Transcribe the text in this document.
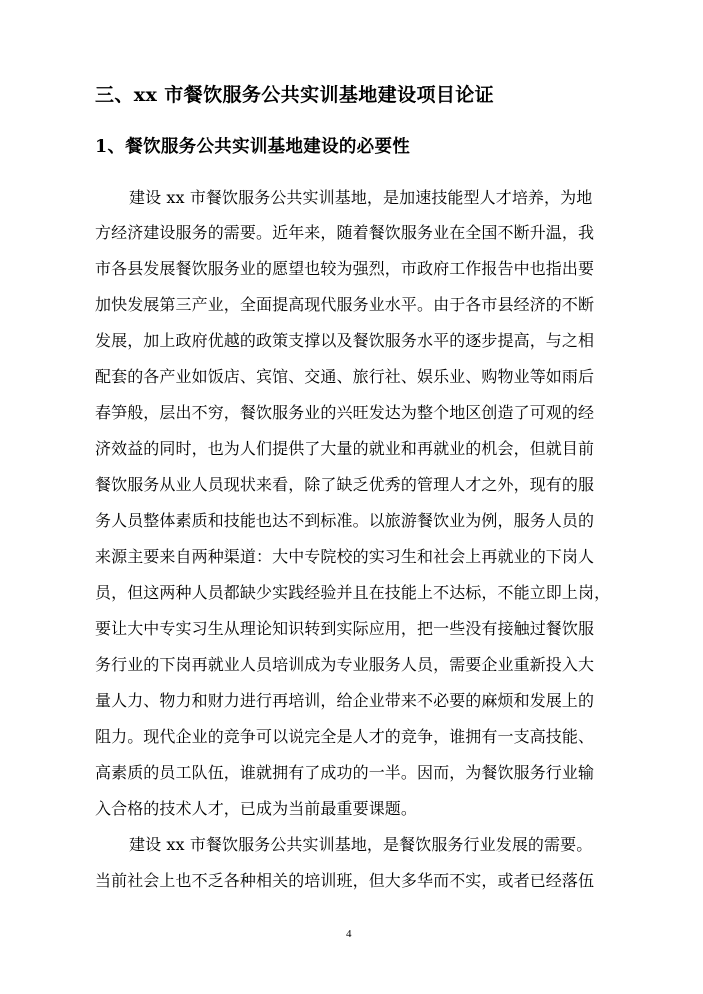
三、xx 市餐饮服务公共实训基地建设项目论证
1、餐饮服务公共实训基地建设的必要性
建设 xx 市餐饮服务公共实训基地，是加速技能型人才培养，为地
方经济建设服务的需要。近年来，随着餐饮服务业在全国不断升温，我
市各县发展餐饮服务业的愿望也较为强烈，市政府工作报告中也指出要
加快发展第三产业，全面提高现代服务业水平。由于各市县经济的不断
发展，加上政府优越的政策支撑以及餐饮服务水平的逐步提高，与之相
配套的各产业如饭店、宾馆、交通、旅行社、娱乐业、购物业等如雨后
春笋般，层出不穷，餐饮服务业的兴旺发达为整个地区创造了可观的经
济效益的同时，也为人们提供了大量的就业和再就业的机会，但就目前
餐饮服务从业人员现状来看，除了缺乏优秀的管理人才之外，现有的服
务人员整体素质和技能也达不到标准。以旅游餐饮业为例，服务人员的
来源主要来自两种渠道：大中专院校的实习生和社会上再就业的下岗人
员，但这两种人员都缺少实践经验并且在技能上不达标，不能立即上岗，
要让大中专实习生从理论知识转到实际应用，把一些没有接触过餐饮服
务行业的下岗再就业人员培训成为专业服务人员，需要企业重新投入大
量人力、物力和财力进行再培训，给企业带来不必要的麻烦和发展上的
阻力。现代企业的竞争可以说完全是人才的竞争，谁拥有一支高技能、
高素质的员工队伍，谁就拥有了成功的一半。因而，为餐饮服务行业输
入合格的技术人才，已成为当前最重要课题。
建设 xx 市餐饮服务公共实训基地，是餐饮服务行业发展的需要。
当前社会上也不乏各种相关的培训班，但大多华而不实，或者已经落伍
4
